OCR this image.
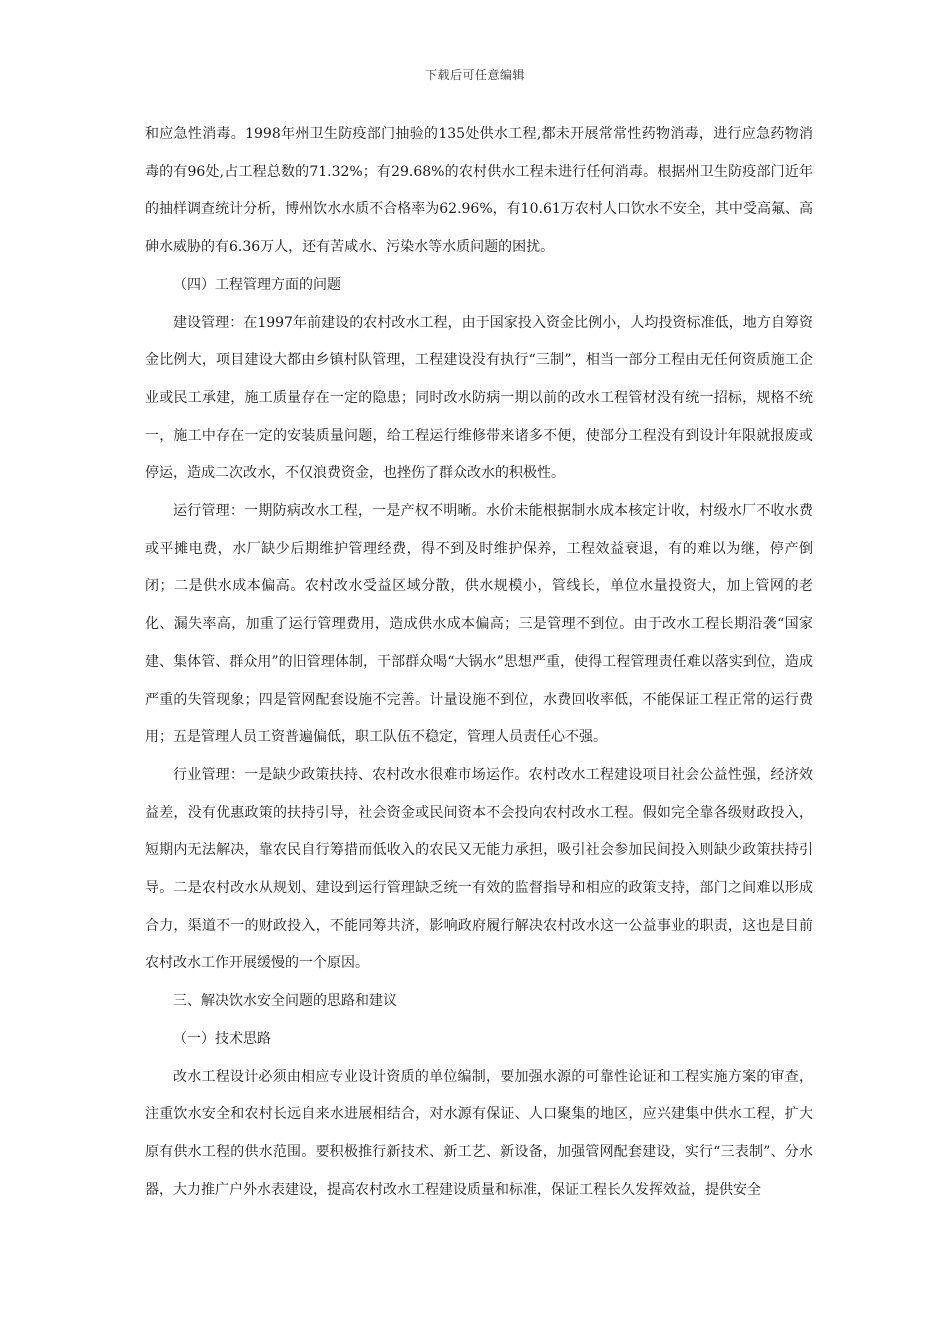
下载后可任意编辑

和应急性消毒。1998年州卫生防疫部门抽验的135处供水工程,都未开展常常性药物消毒，进行应急药物消毒的有96处,占工程总数的71.32%；有29.68%的农村供水工程未进行任何消毒。根据州卫生防疫部门近年的抽样调查统计分析，博州饮水水质不合格率为62.96%，有10.61万农村人口饮水不安全，其中受高氟、高砷水威胁的有6.36万人，还有苦咸水、污染水等水质问题的困扰。

（四）工程管理方面的问题

建设管理：在1997年前建设的农村改水工程，由于国家投入资金比例小，人均投资标准低，地方自筹资金比例大，项目建设大都由乡镇村队管理，工程建设没有执行“三制”，相当一部分工程由无任何资质施工企业或民工承建，施工质量存在一定的隐患；同时改水防病一期以前的改水工程管材没有统一招标，规格不统一，施工中存在一定的安装质量问题，给工程运行维修带来诸多不便，使部分工程没有到设计年限就报废或停运，造成二次改水，不仅浪费资金，也挫伤了群众改水的积极性。

运行管理：一期防病改水工程，一是产权不明晰。水价未能根据制水成本核定计收，村级水厂不收水费或平摊电费，水厂缺少后期维护管理经费，得不到及时维护保养，工程效益衰退，有的难以为继，停产倒闭；二是供水成本偏高。农村改水受益区域分散，供水规模小，管线长，单位水量投资大，加上管网的老化、漏失率高，加重了运行管理费用，造成供水成本偏高；三是管理不到位。由于改水工程长期沿袭“国家建、集体管、群众用”的旧管理体制，干部群众喝“大锅水”思想严重，使得工程管理责任难以落实到位，造成严重的失管现象；四是管网配套设施不完善。计量设施不到位，水费回收率低，不能保证工程正常的运行费用；五是管理人员工资普遍偏低，职工队伍不稳定，管理人员责任心不强。

行业管理：一是缺少政策扶持、农村改水很难市场运作。农村改水工程建设项目社会公益性强，经济效益差，没有优惠政策的扶持引导，社会资金或民间资本不会投向农村改水工程。假如完全靠各级财政投入，短期内无法解决，靠农民自行筹措而低收入的农民又无能力承担，吸引社会参加民间投入则缺少政策扶持引导。二是农村改水从规划、建设到运行管理缺乏统一有效的监督指导和相应的政策支持，部门之间难以形成合力，渠道不一的财政投入，不能同筹共济，影响政府履行解决农村改水这一公益事业的职责，这也是目前农村改水工作开展缓慢的一个原因。

三、解决饮水安全问题的思路和建议

（一）技术思路

改水工程设计必须由相应专业设计资质的单位编制，要加强水源的可靠性论证和工程实施方案的审查，注重饮水安全和农村长远自来水进展相结合，对水源有保证、人口聚集的地区，应兴建集中供水工程，扩大原有供水工程的供水范围。要积极推行新技术、新工艺、新设备，加强管网配套建设，实行“三表制”、分水器，大力推广户外水表建设，提高农村改水工程建设质量和标准，保证工程长久发挥效益，提供安全
